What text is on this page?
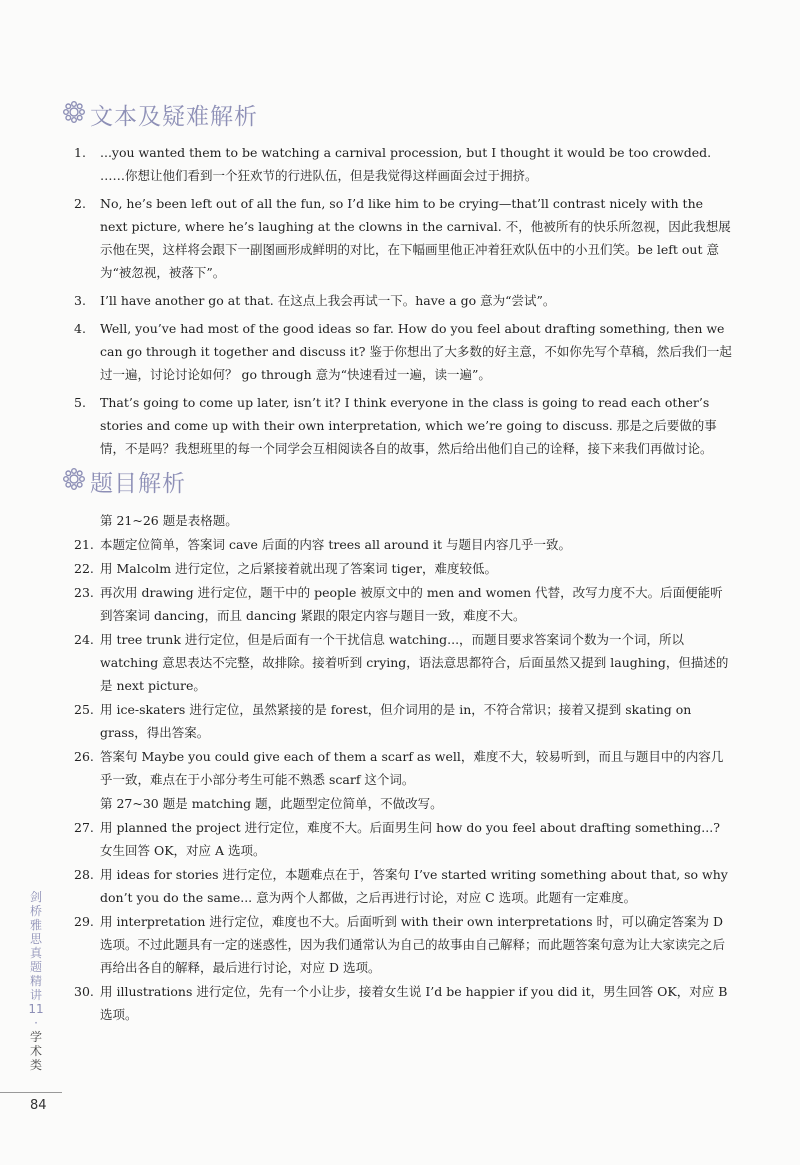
文本及疑难解析
1.	...you wanted them to be watching a carnival procession, but I thought it would be too crowded. ……你想让他们看到一个狂欢节的行进队伍，但是我觉得这样画面会过于拥挤。
2.	No, he’s been left out of all the fun, so I’d like him to be crying—that’ll contrast nicely with the next picture, where he’s laughing at the clowns in the carnival. 不，他被所有的快乐所忽视，因此我想展示他在哭，这样将会跟下一副图画形成鲜明的对比，在下幅画里他正冲着狂欢队伍中的小丑们笑。be left out 意为“被忽视，被落下”。
3.	I’ll have another go at that. 在这点上我会再试一下。have a go 意为“尝试”。
4.	Well, you’ve had most of the good ideas so far. How do you feel about drafting something, then we can go through it together and discuss it? 鉴于你想出了大多数的好主意，不如你先写个草稿，然后我们一起过一遍，讨论讨论如何？ go through 意为“快速看过一遍，读一遍”。
5.	That’s going to come up later, isn’t it? I think everyone in the class is going to read each other’s stories and come up with their own interpretation, which we’re going to discuss. 那是之后要做的事情，不是吗？我想班里的每一个同学会互相阅读各自的故事，然后给出他们自己的诠释，接下来我们再做讨论。
题目解析
第 21~26 题是表格题。
21. 本题定位简单，答案词 cave 后面的内容 trees all around it 与题目内容几乎一致。
22. 用 Malcolm 进行定位，之后紧接着就出现了答案词 tiger，难度较低。
23. 再次用 drawing 进行定位，题干中的 people 被原文中的 men and women 代替，改写力度不大。后面便能听到答案词 dancing，而且 dancing 紧跟的限定内容与题目一致，难度不大。
24. 用 tree trunk 进行定位，但是后面有一个干扰信息 watching...，而题目要求答案词个数为一个词，所以 watching 意思表达不完整，故排除。接着听到 crying，语法意思都符合，后面虽然又提到 laughing，但描述的是 next picture。
25. 用 ice-skaters 进行定位，虽然紧接的是 forest，但介词用的是 in，不符合常识；接着又提到 skating on grass，得出答案。
26. 答案句 Maybe you could give each of them a scarf as well，难度不大，较易听到，而且与题目中的内容几乎一致，难点在于小部分考生可能不熟悉 scarf 这个词。
第 27~30 题是 matching 题，此题型定位简单，不做改写。
27. 用 planned the project 进行定位，难度不大。后面男生问 how do you feel about drafting something...? 女生回答 OK，对应 A 选项。
28. 用 ideas for stories 进行定位，本题难点在于，答案句 I’ve started writing something about that, so why don’t you do the same... 意为两个人都做，之后再进行讨论，对应 C 选项。此题有一定难度。
29. 用 interpretation 进行定位，难度也不大。后面听到 with their own interpretations 时，可以确定答案为 D 选项。不过此题具有一定的迷惑性，因为我们通常认为自己的故事由自己解释；而此题答案句意为让大家读完之后再给出各自的解释，最后进行讨论，对应 D 选项。
30. 用 illustrations 进行定位，先有一个小让步，接着女生说 I’d be happier if you did it，男生回答 OK，对应 B 选项。
剑桥雅思真题精讲11
·
学术类
84
